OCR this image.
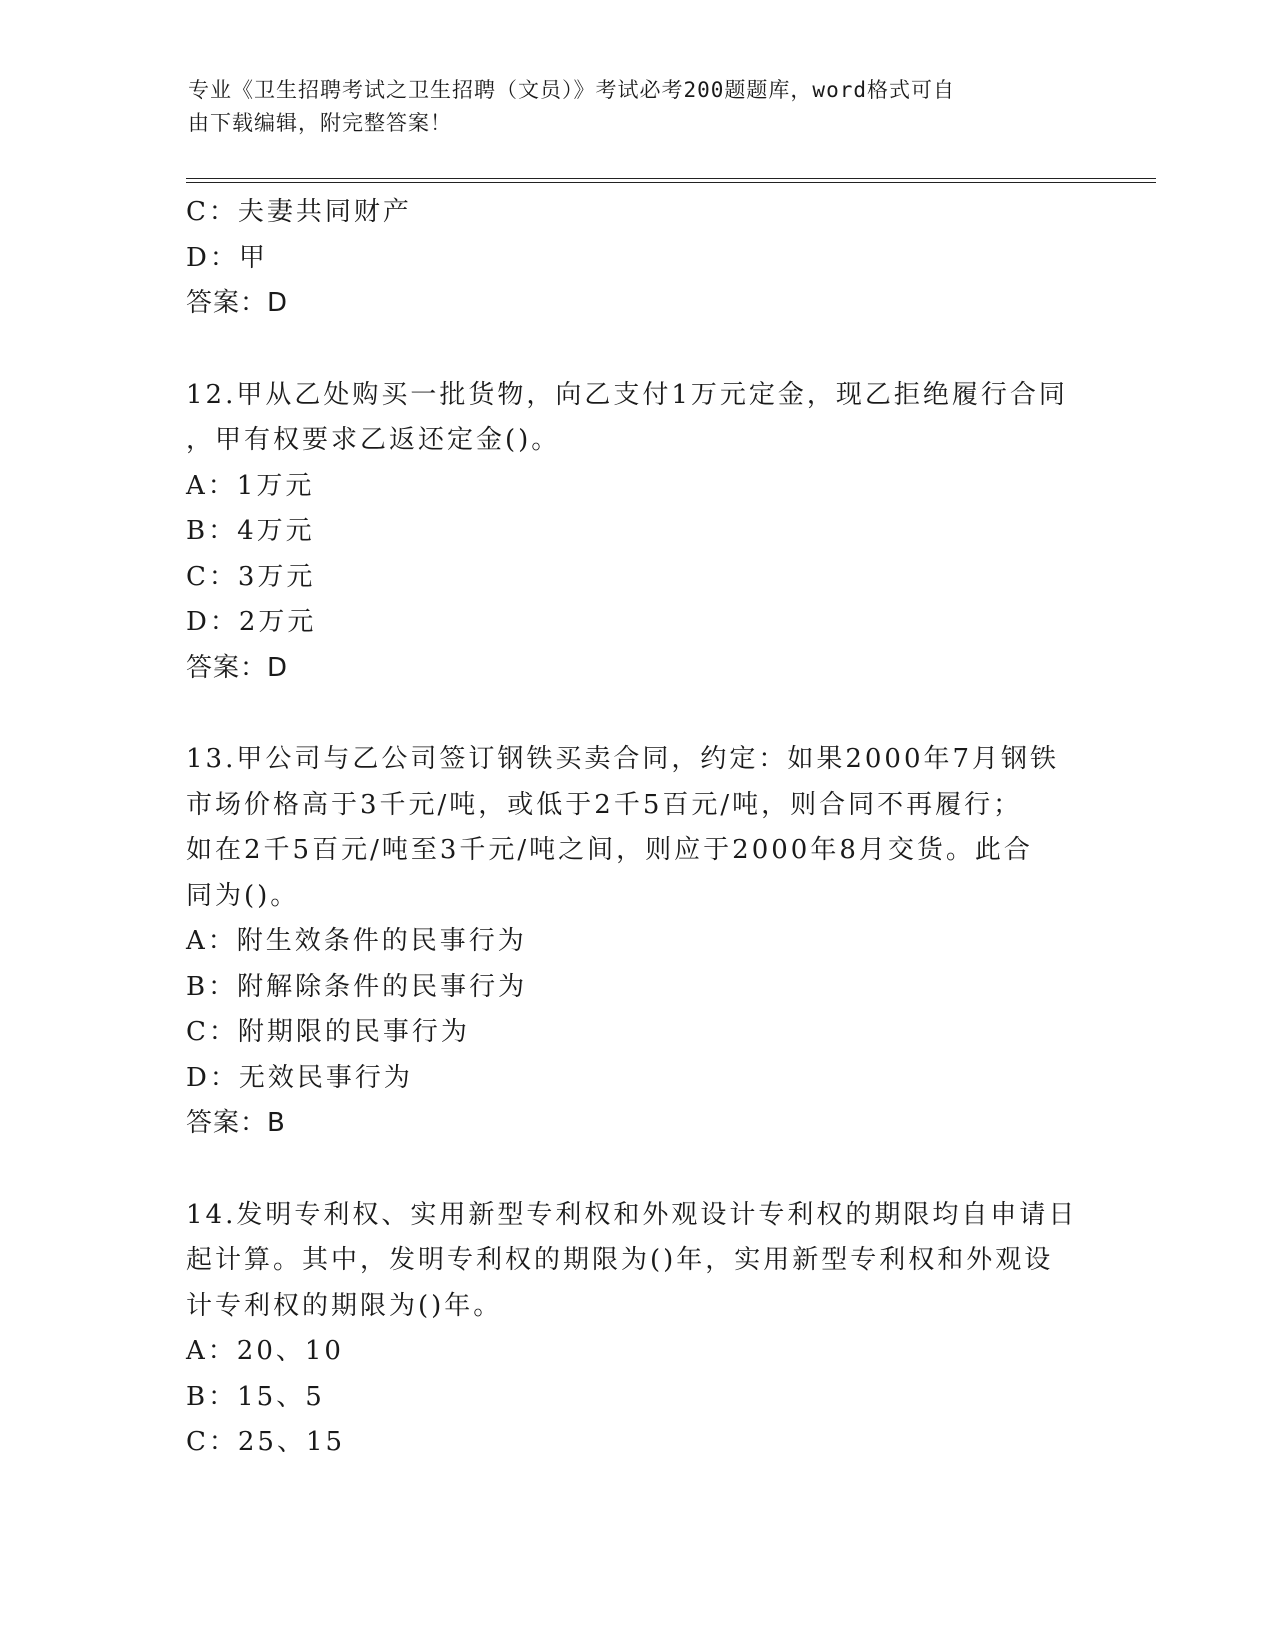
专业《卫生招聘考试之卫生招聘（文员）》考试必考200题题库，word格式可自
由下载编辑，附完整答案！
C：夫妻共同财产
D：甲
答案：D
12.甲从乙处购买一批货物，向乙支付1万元定金，现乙拒绝履行合同
，甲有权要求乙返还定金()。
A：1万元
B：4万元
C：3万元
D：2万元
答案：D
13.甲公司与乙公司签订钢铁买卖合同，约定：如果2000年7月钢铁
市场价格高于3千元/吨，或低于2千5百元/吨，则合同不再履行；
如在2千5百元/吨至3千元/吨之间，则应于2000年8月交货。此合
同为()。
A：附生效条件的民事行为
B：附解除条件的民事行为
C：附期限的民事行为
D：无效民事行为
答案：B
14.发明专利权、实用新型专利权和外观设计专利权的期限均自申请日
起计算。其中，发明专利权的期限为()年，实用新型专利权和外观设
计专利权的期限为()年。
A：20、10
B：15、5
C：25、15
